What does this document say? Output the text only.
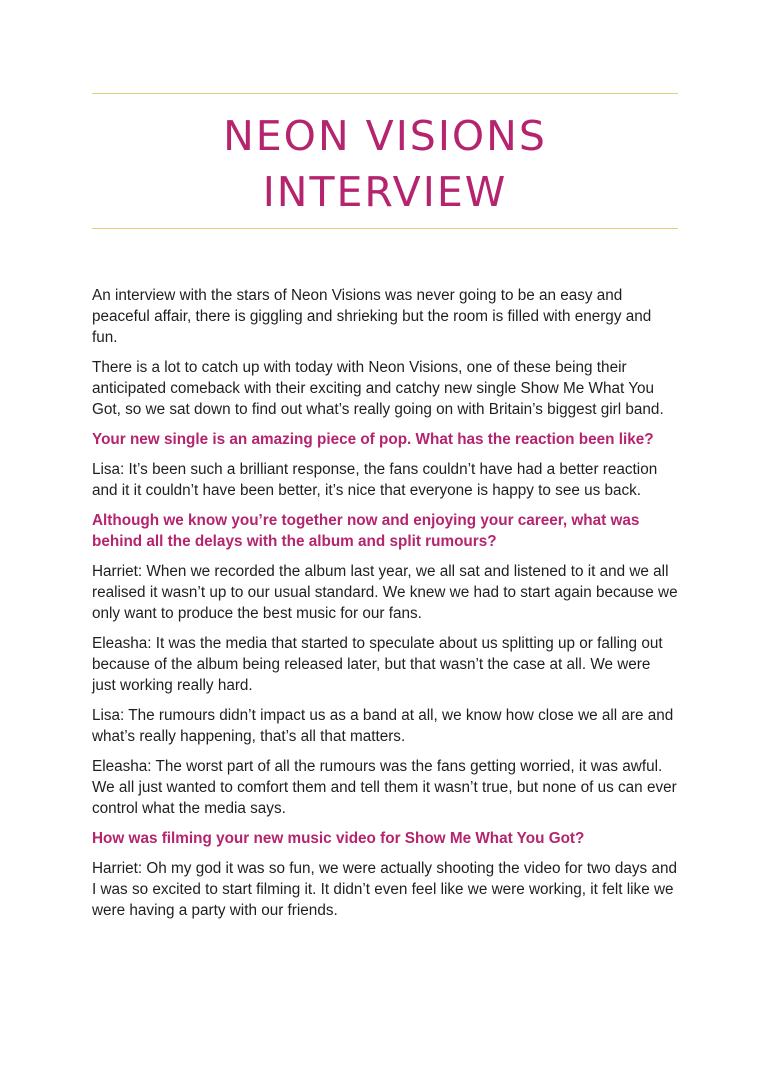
NEON VISIONS
INTERVIEW

An interview with the stars of Neon Visions was never going to be an easy and peaceful affair, there is giggling and shrieking but the room is filled with energy and fun.

There is a lot to catch up with today with Neon Visions, one of these being their anticipated comeback with their exciting and catchy new single Show Me What You Got, so we sat down to find out what’s really going on with Britain’s biggest girl band.

Your new single is an amazing piece of pop. What has the reaction been like?

Lisa: It’s been such a brilliant response, the fans couldn’t have had a better reaction and it it couldn’t have been better, it’s nice that everyone is happy to see us back.

Although we know you’re together now and enjoying your career, what was behind all the delays with the album and split rumours?

Harriet: When we recorded the album last year, we all sat and listened to it and we all realised it wasn’t up to our usual standard. We knew we had to start again because we only want to produce the best music for our fans.

Eleasha: It was the media that started to speculate about us splitting up or falling out because of the album being released later, but that wasn’t the case at all. We were just working really hard.

Lisa: The rumours didn’t impact us as a band at all, we know how close we all are and what’s really happening, that’s all that matters.

Eleasha: The worst part of all the rumours was the fans getting worried, it was awful. We all just wanted to comfort them and tell them it wasn’t true, but none of us can ever control what the media says.

How was filming your new music video for Show Me What You Got?

Harriet: Oh my god it was so fun, we were actually shooting the video for two days and I was so excited to start filming it. It didn’t even feel like we were working, it felt like we were having a party with our friends.
